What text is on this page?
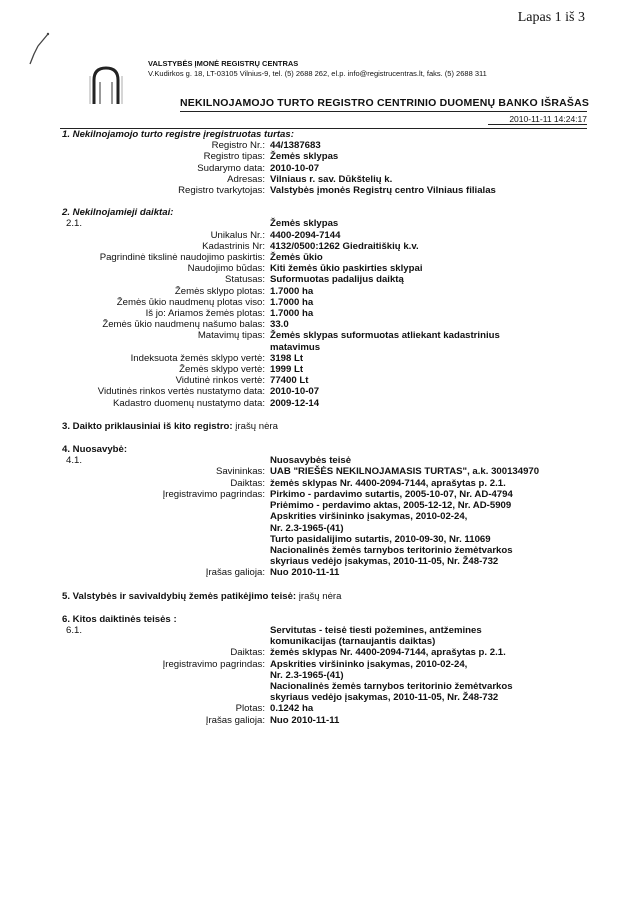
Lapas 1 iš 3
VALSTYBĖS ĮMONĖ REGISTRŲ CENTRAS
V.Kudirkos g. 18, LT-03105 Vilnius-9, tel. (5) 2688 262, el.p. info@registrucentras.lt, faks. (5) 2688 311
NEKILNOJAMOJO TURTO REGISTRO CENTRINIO DUOMENŲ BANKO IŠRAŠAS
2010-11-11 14:24:17
1. Nekilnojamojo turto registre įregistruotas turtas:
Registro Nr.: 44/1387683
Registro tipas: Žemės sklypas
Sudarymo data: 2010-10-07
Adresas: Vilniaus r. sav. Dūkštelių k.
Registro tvarkytojas: Valstybės įmonės Registrų centro Vilniaus filialas
2. Nekilnojamieji daiktai:
2.1.	Žemės sklypas
Unikalus Nr.: 4400-2094-7144
Kadastrinis Nr: 4132/0500:1262 Giedraitiškių k.v.
Pagrindinė tikslinė naudojimo paskirtis: Žemės ūkio
Naudojimo būdas: Kiti žemės ūkio paskirties sklypai
Statusas: Suformuotas padalijus daiktą
Žemės sklypo plotas: 1.7000 ha
Žemės ūkio naudmenų plotas viso: 1.7000 ha
Iš jo: Ariamos žemės plotas: 1.7000 ha
Žemės ūkio naudmenų našumo balas: 33.0
Matavimų tipas: Žemės sklypas suformuotas atliekant kadastrinius
matavimus
Indeksuota žemės sklypo vertė: 3198 Lt
Žemės sklypo vertė: 1999 Lt
Vidutinė rinkos vertė: 77400 Lt
Vidutinės rinkos vertės nustatymo data: 2010-10-07
Kadastro duomenų nustatymo data: 2009-12-14
3. Daikto priklausiniai iš kito registro: įrašų nėra
4. Nuosavybė:
4.1.	Nuosavybės teisė
Savininkas: UAB "RIEŠĖS NEKILNOJAMASIS TURTAS", a.k. 300134970
Daiktas: žemės sklypas Nr. 4400-2094-7144, aprašytas p. 2.1.
Įregistravimo pagrindas: Pirkimo - pardavimo sutartis, 2005-10-07, Nr. AD-4794
Priėmimo - perdavimo aktas, 2005-12-12, Nr. AD-5909
Apskrities viršininko įsakymas, 2010-02-24,
Nr. 2.3-1965-(41)
Turto pasidalijimo sutartis, 2010-09-30, Nr. 11069
Nacionalinės žemės tarnybos teritorinio žemėtvarkos
skyriaus vedėjo įsakymas, 2010-11-05, Nr. Ž48-732
Įrašas galioja: Nuo 2010-11-11
5. Valstybės ir savivaldybių žemės patikėjimo teisė: įrašų nėra
6. Kitos daiktinės teisės :
6.1.	Servitutas - teisė tiesti požemines, antžemines
komunikacijas (tarnaujantis daiktas)
Daiktas: žemės sklypas Nr. 4400-2094-7144, aprašytas p. 2.1.
Įregistravimo pagrindas: Apskrities viršininko įsakymas, 2010-02-24,
Nr. 2.3-1965-(41)
Nacionalinės žemės tarnybos teritorinio žemėtvarkos
skyriaus vedėjo įsakymas, 2010-11-05, Nr. Ž48-732
Plotas: 0.1242 ha
Įrašas galioja: Nuo 2010-11-11
